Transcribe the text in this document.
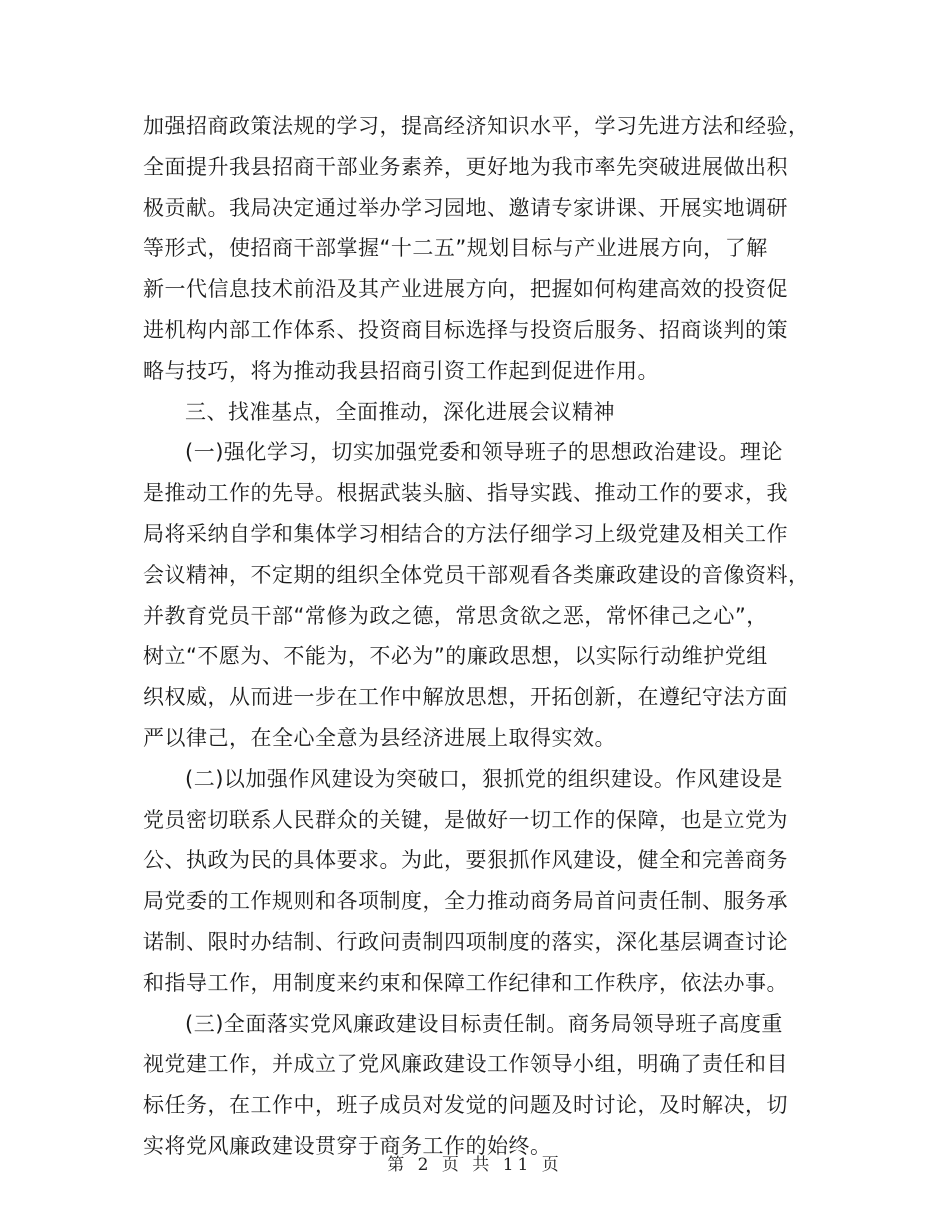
加强招商政策法规的学习，提高经济知识水平，学习先进方法和经验，
全面提升我县招商干部业务素养，更好地为我市率先突破进展做出积
极贡献。我局决定通过举办学习园地、邀请专家讲课、开展实地调研
等形式，使招商干部掌握“十二五”规划目标与产业进展方向，了解
新一代信息技术前沿及其产业进展方向，把握如何构建高效的投资促
进机构内部工作体系、投资商目标选择与投资后服务、招商谈判的策
略与技巧，将为推动我县招商引资工作起到促进作用。
三、找准基点，全面推动，深化进展会议精神
(一)强化学习，切实加强党委和领导班子的思想政治建设。理论
是推动工作的先导。根据武装头脑、指导实践、推动工作的要求，我
局将采纳自学和集体学习相结合的方法仔细学习上级党建及相关工作
会议精神，不定期的组织全体党员干部观看各类廉政建设的音像资料，
并教育党员干部“常修为政之德，常思贪欲之恶，常怀律己之心”，
树立“不愿为、不能为，不必为”的廉政思想，以实际行动维护党组
织权威，从而进一步在工作中解放思想，开拓创新，在遵纪守法方面
严以律己，在全心全意为县经济进展上取得实效。
(二)以加强作风建设为突破口，狠抓党的组织建设。作风建设是
党员密切联系人民群众的关键，是做好一切工作的保障，也是立党为
公、执政为民的具体要求。为此，要狠抓作风建设，健全和完善商务
局党委的工作规则和各项制度，全力推动商务局首问责任制、服务承
诺制、限时办结制、行政问责制四项制度的落实，深化基层调查讨论
和指导工作，用制度来约束和保障工作纪律和工作秩序，依法办事。
(三)全面落实党风廉政建设目标责任制。商务局领导班子高度重
视党建工作，并成立了党风廉政建设工作领导小组，明确了责任和目
标任务，在工作中，班子成员对发觉的问题及时讨论，及时解决，切
实将党风廉政建设贯穿于商务工作的始终。
第 2 页 共 11 页
